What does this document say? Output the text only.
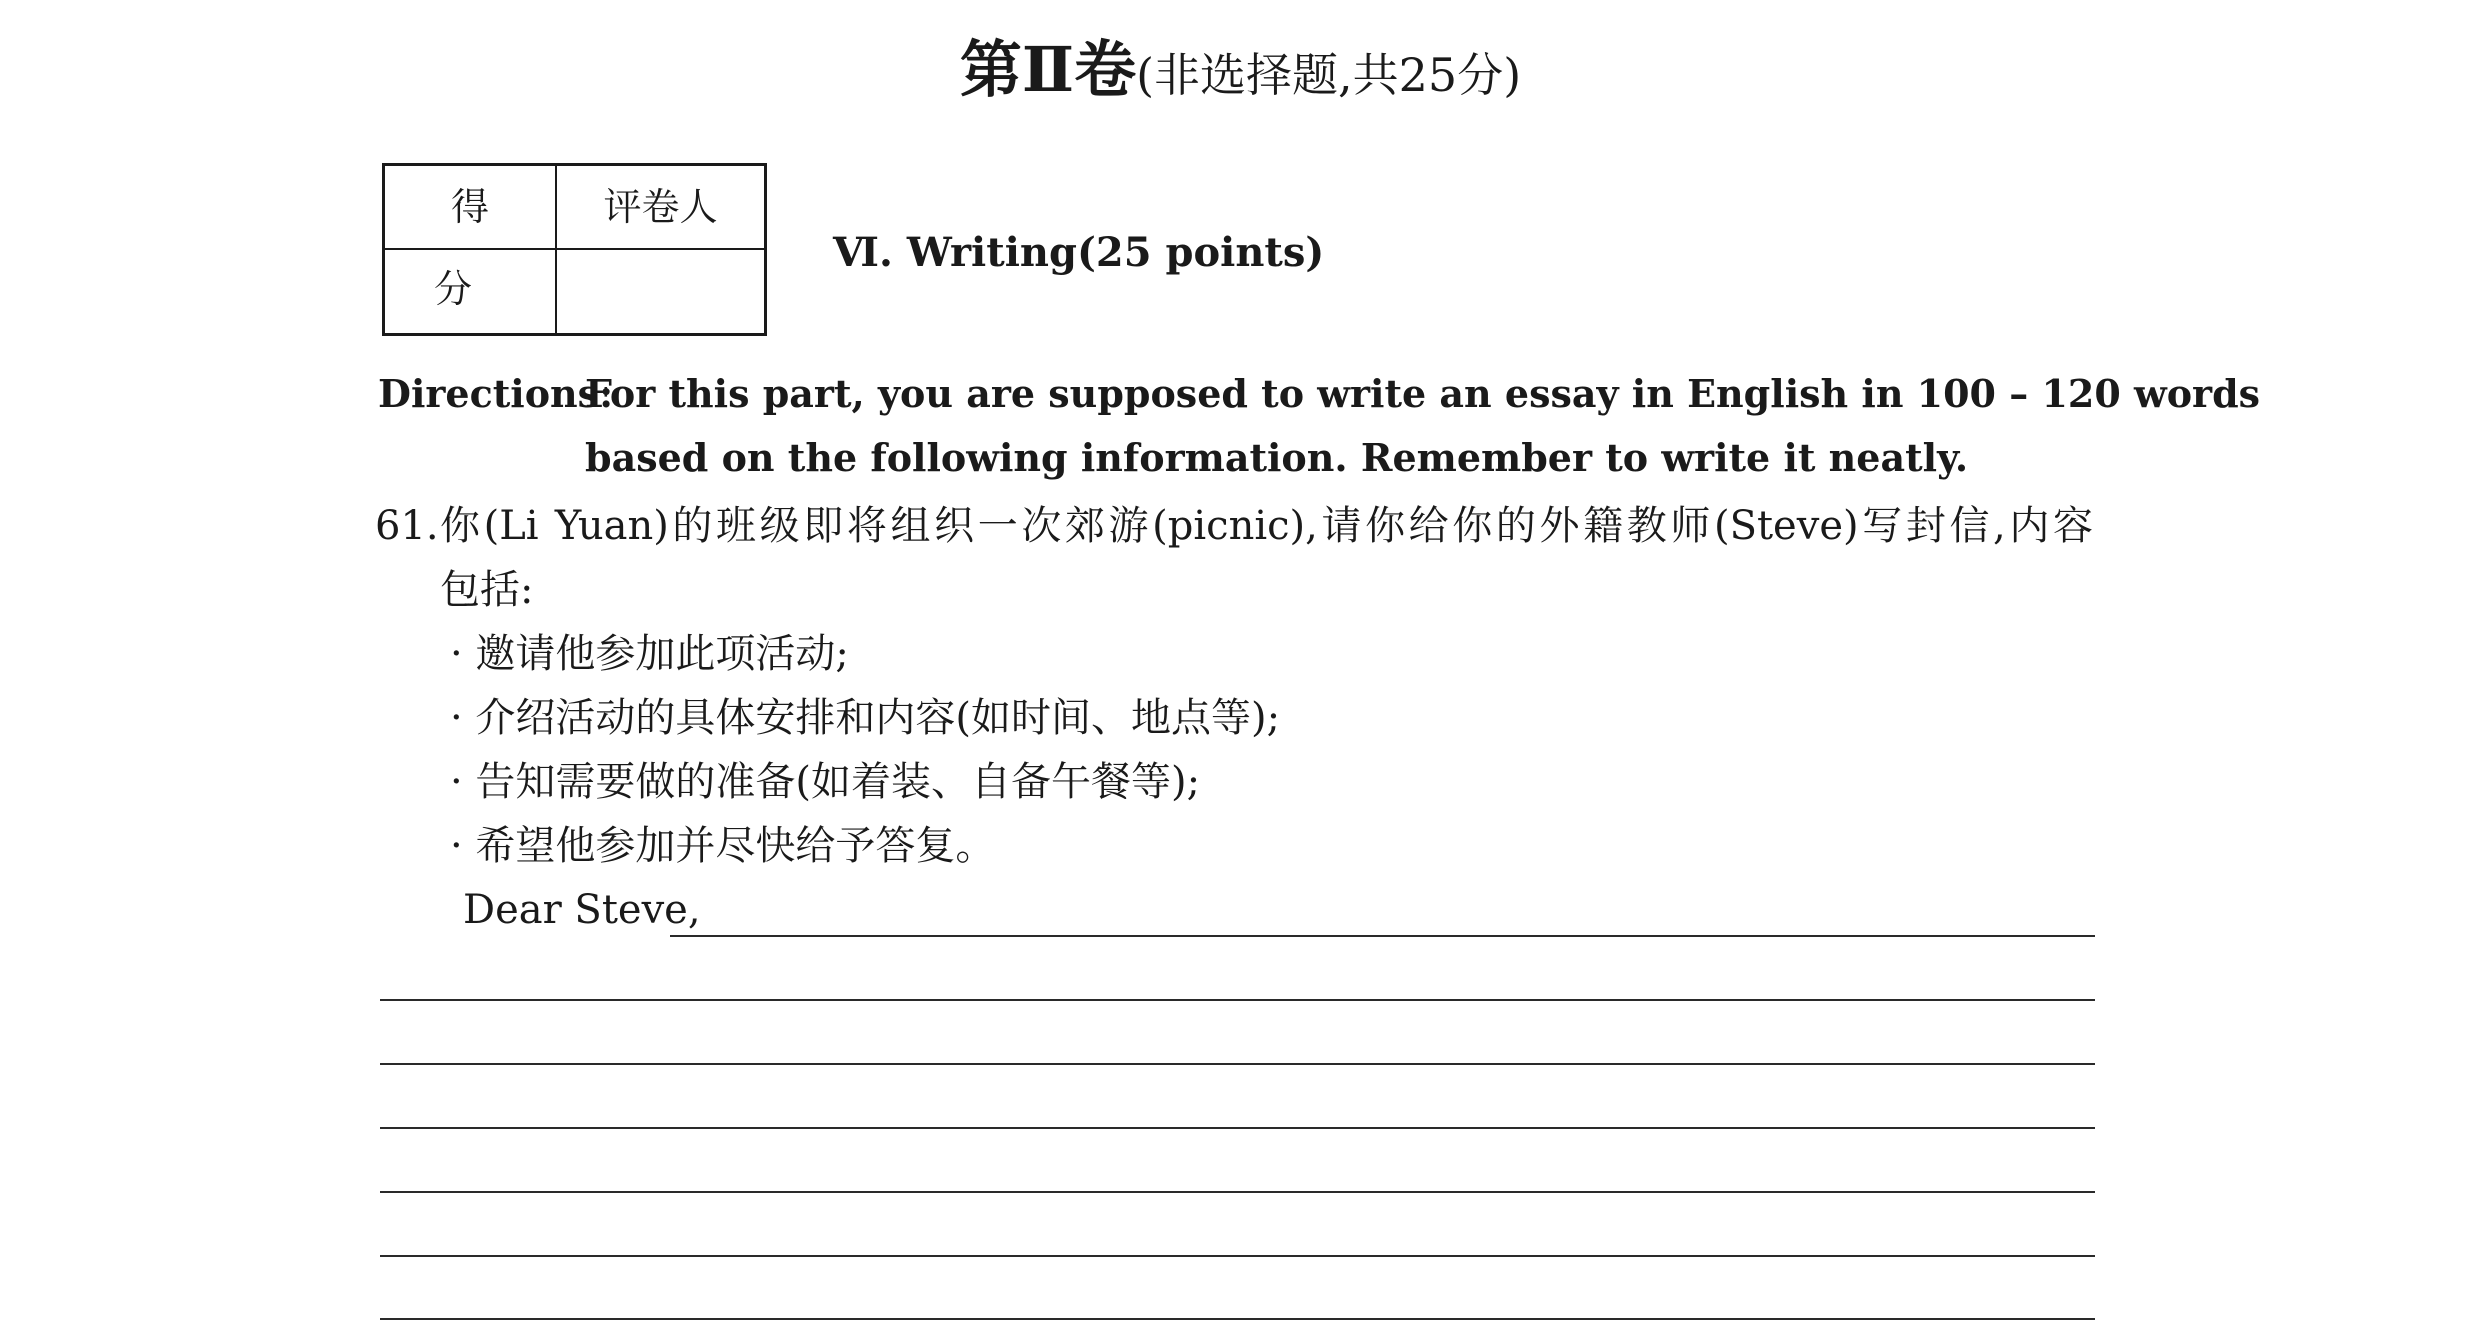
第Ⅱ卷(非选择题,共25分)
得分
评卷人
Ⅵ. Writing(25 points)
Directions:
For this part, you are supposed to write an essay in English in 100 – 120 words
based on the following information. Remember to write it neatly.
61. 你(Li Yuan)的班级即将组织一次郊游(picnic),请你给你的外籍教师(Steve)写封信,内容
包括:
· 邀请他参加此项活动;
· 介绍活动的具体安排和内容(如时间、地点等);
· 告知需要做的准备(如着装、自备午餐等);
· 希望他参加并尽快给予答复。
Dear Steve,
